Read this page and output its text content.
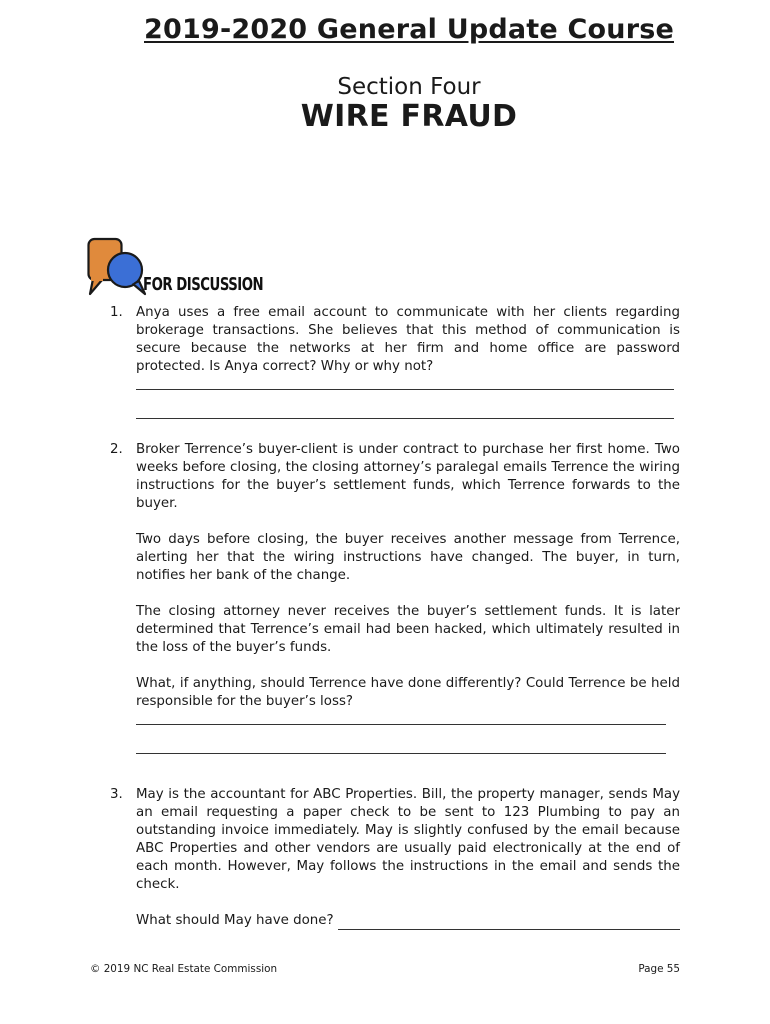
2019-2020 General Update Course
Section Four
WIRE FRAUD
FOR DISCUSSION
1. Anya uses a free email account to communicate with her clients regarding brokerage transactions. She believes that this method of communication is secure because the networks at her firm and home office are password protected. Is Anya correct? Why or why not?

2. Broker Terrence’s buyer-client is under contract to purchase her first home. Two weeks before closing, the closing attorney’s paralegal emails Terrence the wiring instructions for the buyer’s settlement funds, which Terrence forwards to the buyer.

Two days before closing, the buyer receives another message from Terrence, alerting her that the wiring instructions have changed. The buyer, in turn, notifies her bank of the change.

The closing attorney never receives the buyer’s settlement funds. It is later determined that Terrence’s email had been hacked, which ultimately resulted in the loss of the buyer’s funds.

What, if anything, should Terrence have done differently? Could Terrence be held responsible for the buyer’s loss?

3. May is the accountant for ABC Properties. Bill, the property manager, sends May an email requesting a paper check to be sent to 123 Plumbing to pay an outstanding invoice immediately. May is slightly confused by the email because ABC Properties and other vendors are usually paid electronically at the end of each month. However, May follows the instructions in the email and sends the check.

What should May have done?

© 2019 NC Real Estate Commission	Page 55
